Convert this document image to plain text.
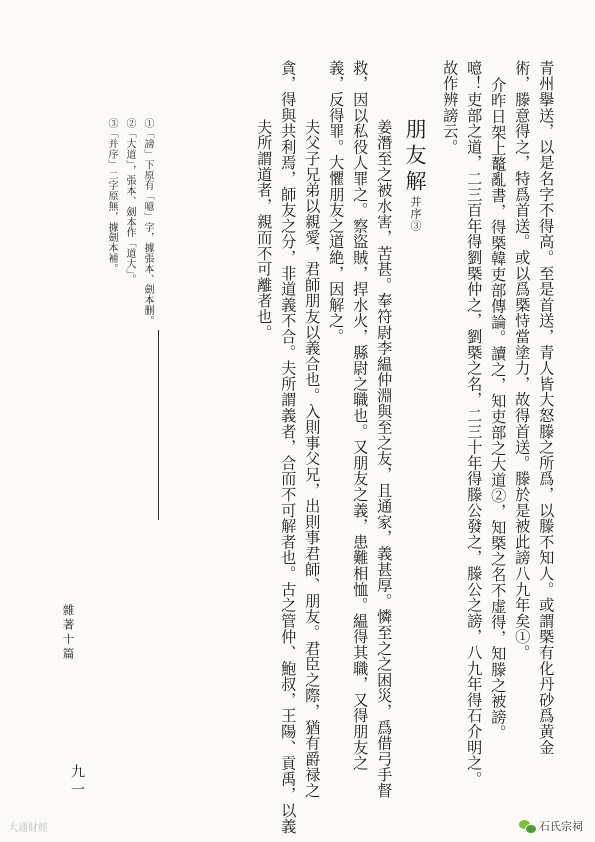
青州擧送，以是名字不得高。至是首送，青人皆大怒滕之所爲，以滕不知人。或謂槩有化丹砂爲黄金
術，滕意得之，特爲首送。或以爲槩恃當塗力，故得首送。滕於是被此謗八九年矣①。
介昨日架上鼇亂書，得槩韓吏部傳論。讀之，知吏部之大道②，知槩之名不虚得，知滕之被謗。
噫！吏部之道，二三百年得劉槩仲之，劉槩之名，二三十年得滕公發之，滕公之謗，八九年得石介明之。
故作辨謗云。
朋友解并序③
姜潛至之被水害，苦甚。奉符尉李緼仲淵與至之友，且通家，義甚厚。憐至之之困災，爲借弓手督
救，因以私役人罪之。察盜賊，捍水火，縣尉之職也。又朋友之義，患難相恤。緼得其職，又得朋友之
義，反得罪。大懼朋友之道絶，因解之。
夫父子兄弟以親愛，君師朋友以義合也。入則事父兄，出則事君師、朋友。君臣之際，猶有爵禄之
貪，得與共利焉，師友之分，非道義不合。夫所謂義者，合而不可解者也。古之管仲、鮑叔，王陽、貢禹，以義
夫所謂道者，親而不可離者也。
①「謗」下原有「噫」字，據張本、劍本删。
②「大道」，張本、劍本作「道大」。
③「并序」二字原無，據劍本補。
雜著十篇
九一
大通財經	石氏宗祠
